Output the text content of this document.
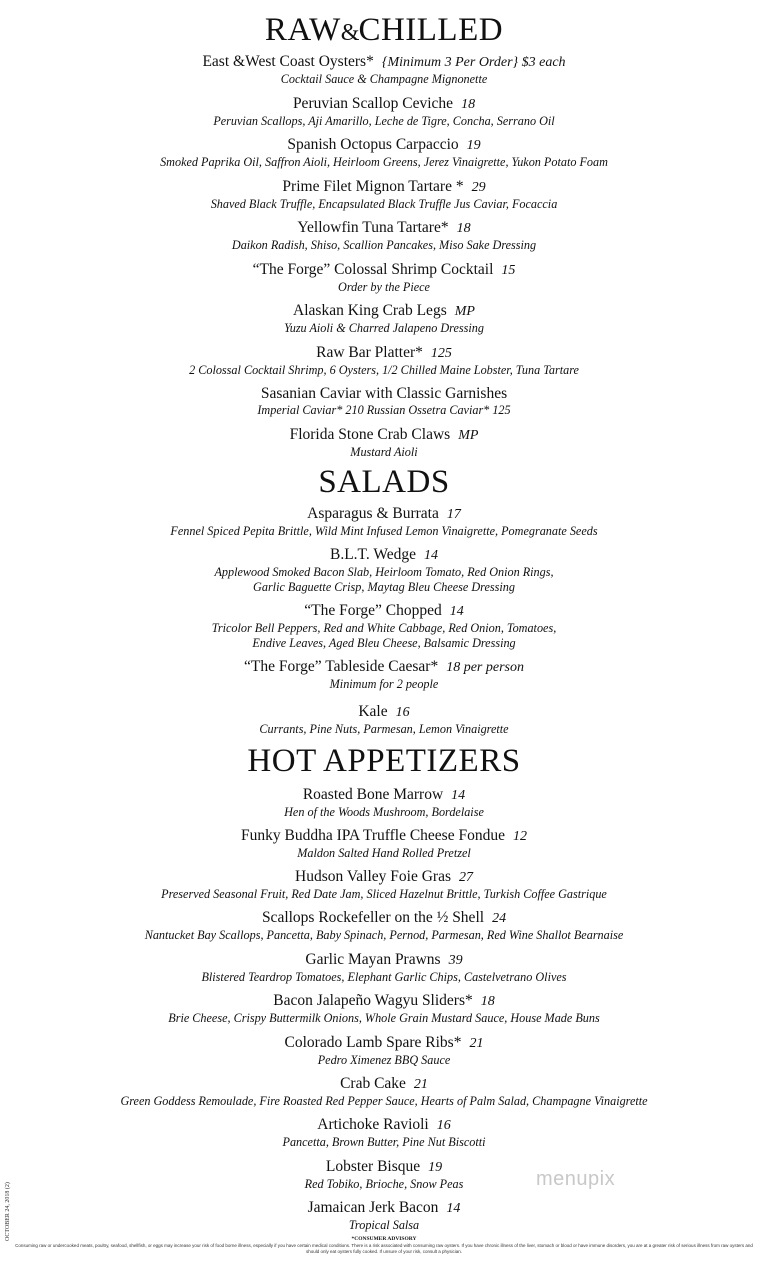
RAW&CHILLED
East &West Coast Oysters* {Minimum 3 Per Order} $3 each
Cocktail Sauce & Champagne Mignonette
Peruvian Scallop Ceviche 18
Peruvian Scallops, Aji Amarillo, Leche de Tigre, Concha, Serrano Oil
Spanish Octopus Carpaccio 19
Smoked Paprika Oil, Saffron Aioli, Heirloom Greens, Jerez Vinaigrette, Yukon Potato Foam
Prime Filet Mignon Tartare * 29
Shaved Black Truffle, Encapsulated Black Truffle Jus Caviar, Focaccia
Yellowfin Tuna Tartare* 18
Daikon Radish, Shiso, Scallion Pancakes, Miso Sake Dressing
“The Forge” Colossal Shrimp Cocktail 15
Order by the Piece
Alaskan King Crab Legs MP
Yuzu Aioli & Charred Jalapeno Dressing
Raw Bar Platter* 125
2 Colossal Cocktail Shrimp, 6 Oysters, 1/2 Chilled Maine Lobster, Tuna Tartare
Sasanian Caviar with Classic Garnishes
Imperial Caviar* 210 Russian Ossetra Caviar* 125
Florida Stone Crab Claws MP
Mustard Aioli
SALADS
Asparagus & Burrata 17
Fennel Spiced Pepita Brittle, Wild Mint Infused Lemon Vinaigrette, Pomegranate Seeds
B.L.T. Wedge 14
Applewood Smoked Bacon Slab, Heirloom Tomato, Red Onion Rings,
Garlic Baguette Crisp, Maytag Bleu Cheese Dressing
“The Forge” Chopped 14
Tricolor Bell Peppers, Red and White Cabbage, Red Onion, Tomatoes,
Endive Leaves, Aged Bleu Cheese, Balsamic Dressing
“The Forge” Tableside Caesar* 18 per person
Minimum for 2 people
Kale 16
Currants, Pine Nuts, Parmesan, Lemon Vinaigrette
HOT APPETIZERS
Roasted Bone Marrow 14
Hen of the Woods Mushroom, Bordelaise
Funky Buddha IPA Truffle Cheese Fondue 12
Maldon Salted Hand Rolled Pretzel
Hudson Valley Foie Gras 27
Preserved Seasonal Fruit, Red Date Jam, Sliced Hazelnut Brittle, Turkish Coffee Gastrique
Scallops Rockefeller on the ½ Shell 24
Nantucket Bay Scallops, Pancetta, Baby Spinach, Pernod, Parmesan, Red Wine Shallot Bearnaise
Garlic Mayan Prawns 39
Blistered Teardrop Tomatoes, Elephant Garlic Chips, Castelvetrano Olives
Bacon Jalapeño Wagyu Sliders* 18
Brie Cheese, Crispy Buttermilk Onions, Whole Grain Mustard Sauce, House Made Buns
Colorado Lamb Spare Ribs* 21
Pedro Ximenez BBQ Sauce
Crab Cake 21
Green Goddess Remoulade, Fire Roasted Red Pepper Sauce, Hearts of Palm Salad, Champagne Vinaigrette
Artichoke Ravioli 16
Pancetta, Brown Butter, Pine Nut Biscotti
Lobster Bisque 19
Red Tobiko, Brioche, Snow Peas
Jamaican Jerk Bacon 14
Tropical Salsa
OCTOBER 24, 2018 (2)
menupix
*CONSUMER ADVISORY
Consuming raw or undercooked meats, poultry, seafood, shellfish, or eggs may increase your risk of food borne illness, especially if you have certain medical conditions. There is a risk associated with consuming raw oysters. If you have chronic illness of the liver, stomach or blood or have immune disorders, you are at a greater risk of serious illness from raw oysters and should only eat oysters fully cooked. If unsure of your risk, consult a physician.
